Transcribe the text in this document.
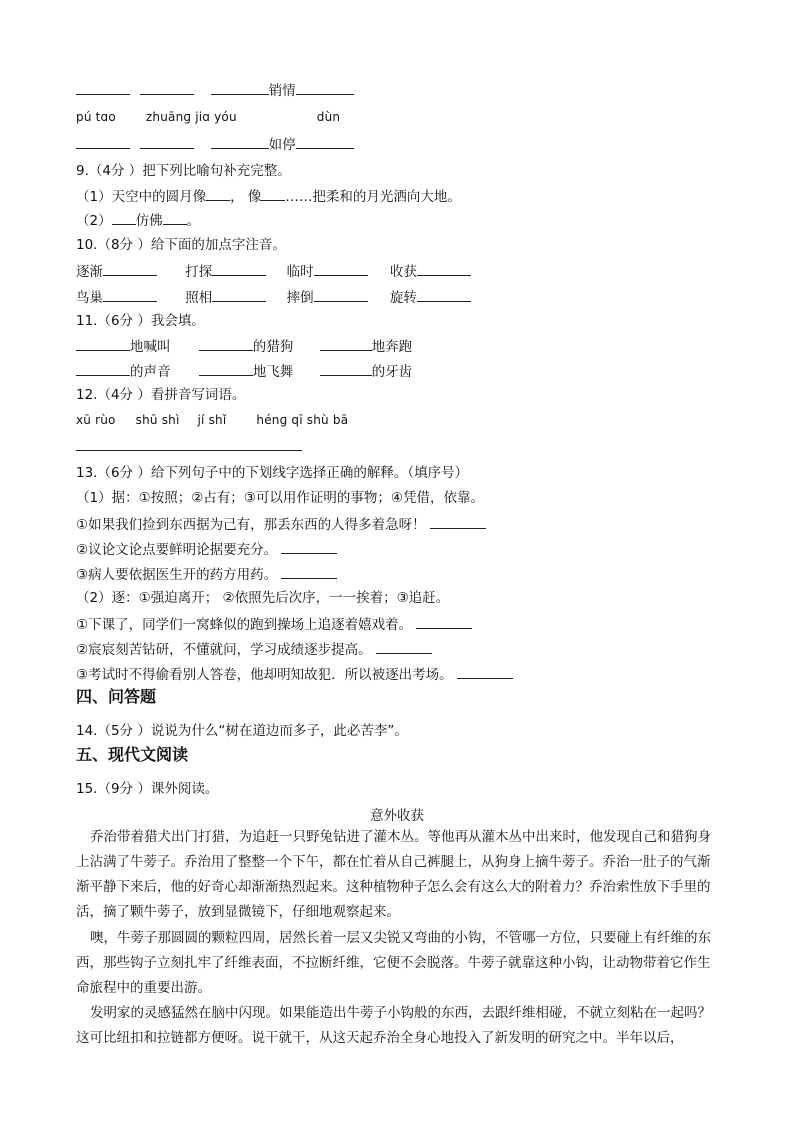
销情
pú tɑo	zhuānɡ jiɑ yóu	dùn
如停
9.（4分 ）把下列比喻句补充完整。
（1）天空中的圆月像 ， 像 ……把柔和的月光洒向大地。
（2） 仿佛 。
10.（8分 ）给下面的加点字注音。
逐渐	打探	临时	收获
鸟巢	照相	摔倒	旋转
11.（6分 ）我会填。
地喊叫	的猎狗	地奔跑
的声音	地飞舞	的牙齿
12.（4分 ）看拼音写词语。
xū rùo shū shì jí shǐ	hénɡ qī shù bā
13.（6分 ）给下列句子中的下划线字选择正确的解释。（填序号）
（1）据：①按照；②占有；③可以用作证明的事物；④凭借，依靠。
①如果我们捡到东西据为己有，那丢东西的人得多着急呀！
②议论文论点要鲜明论据要充分。
③病人要依据医生开的药方用药。
（2）逐：①强迫离开； ②依照先后次序，一一挨着；③追赶。
①下课了，同学们一窝蜂似的跑到操场上追逐着嬉戏着。
②宸宸刻苦钻研，不懂就问，学习成绩逐步提高。
③考试时不得偷看别人答卷，他却明知故犯．所以被逐出考场。
四、问答题
14.（5分 ）说说为什么“树在道边而多子，此必苦李”。
五、现代文阅读
15.（9分 ）课外阅读。
意外收获
乔治带着猎犬出门打猎，为追赶一只野兔钻进了灌木丛。等他再从灌木丛中出来时，他发现自己和猎狗身上沾满了牛蒡子。乔治用了整整一个下午，都在忙着从自己裤腿上，从狗身上摘牛蒡子。乔治一肚子的气渐渐平静下来后，他的好奇心却渐渐热烈起来。这种植物种子怎么会有这么大的附着力？乔治索性放下手里的活，摘了颗牛蒡子，放到显微镜下，仔细地观察起来。
噢，牛蒡子那圆圆的颗粒四周，居然长着一层又尖锐又弯曲的小钩，不管哪一方位，只要碰上有纤维的东西，那些钩子立刻扎牢了纤维表面，不拉断纤维，它便不会脱落。牛蒡子就靠这种小钩，让动物带着它作生命旅程中的重要出游。
发明家的灵感猛然在脑中闪现。如果能造出牛蒡子小钩般的东西，去跟纤维相碰，不就立刻粘在一起吗？这可比纽扣和拉链都方便呀。说干就干，从这天起乔治全身心地投入了新发明的研究之中。半年以后，
